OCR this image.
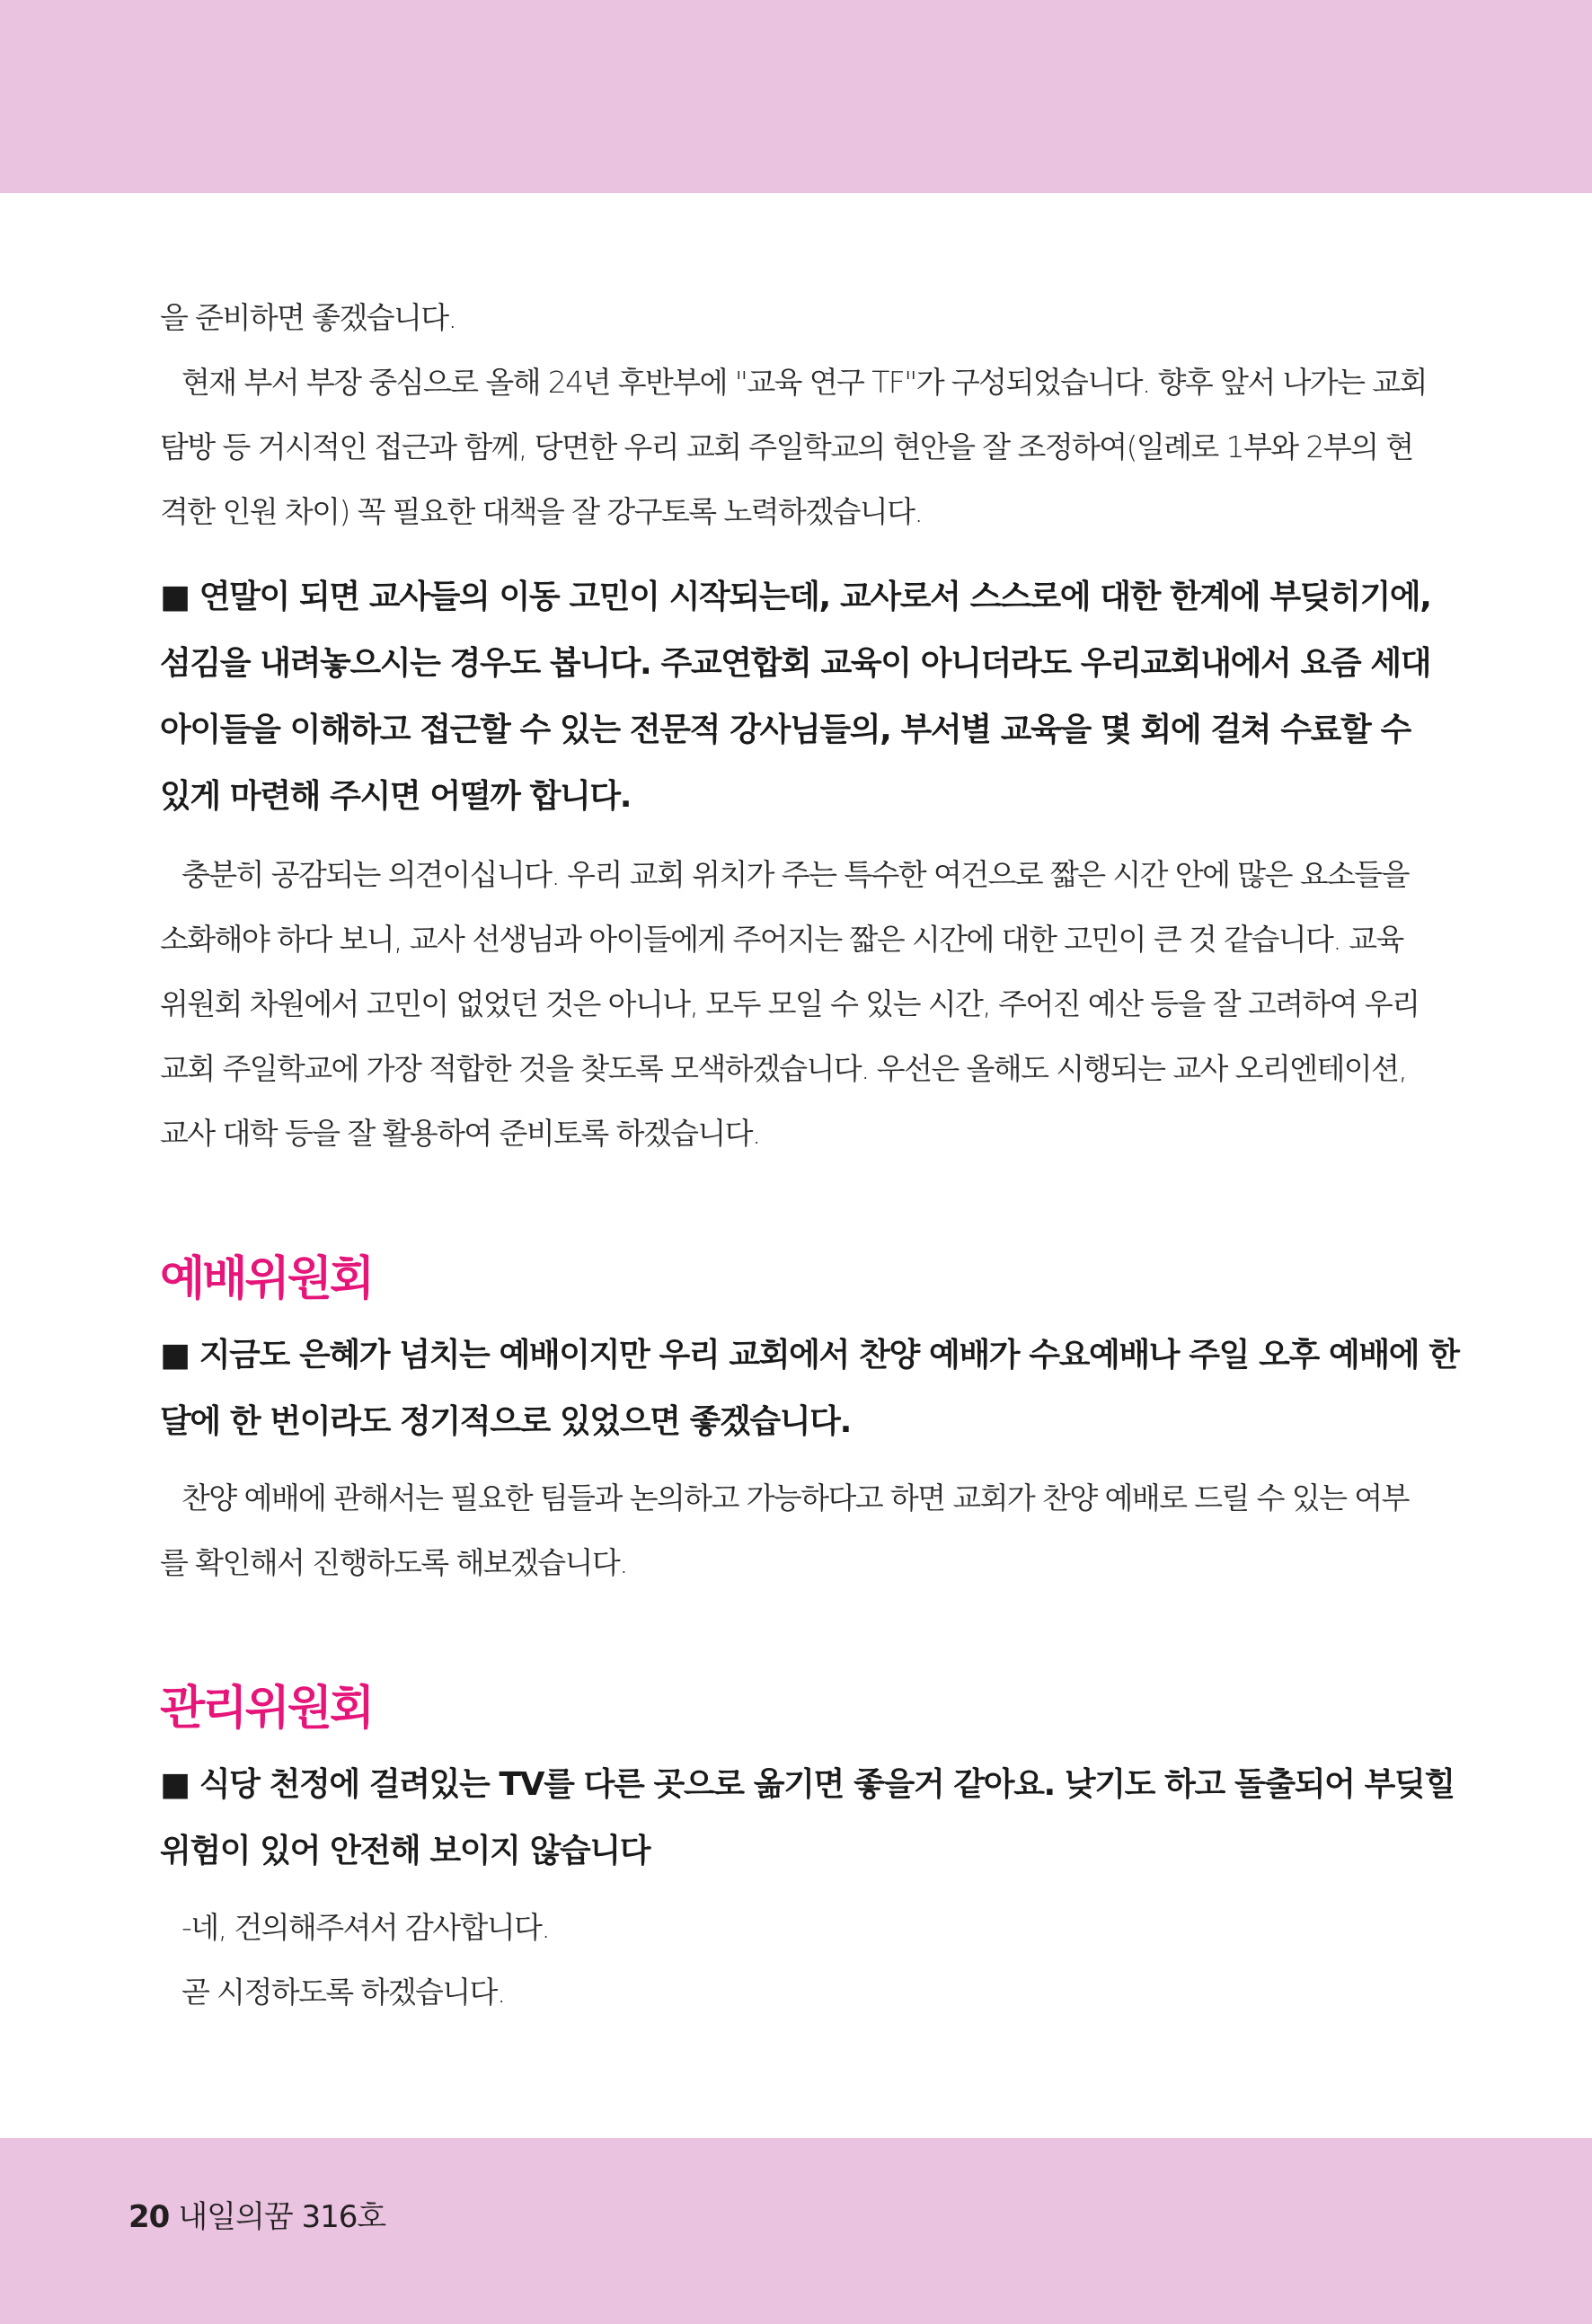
을 준비하면 좋겠습니다.
현재 부서 부장 중심으로 올해 24년 후반부에 "교육 연구 TF"가 구성되었습니다. 향후 앞서 나가는 교회
탐방 등 거시적인 접근과 함께, 당면한 우리 교회 주일학교의 현안을 잘 조정하여(일례로 1부와 2부의 현
격한 인원 차이) 꼭 필요한 대책을 잘 강구토록 노력하겠습니다.
■ 연말이 되면 교사들의 이동 고민이 시작되는데, 교사로서 스스로에 대한 한계에 부딪히기에,
섬김을 내려놓으시는 경우도 봅니다. 주교연합회 교육이 아니더라도 우리교회내에서 요즘 세대
아이들을 이해하고 접근할 수 있는 전문적 강사님들의, 부서별 교육을 몇 회에 걸쳐 수료할 수
있게 마련해 주시면 어떨까 합니다.
충분히 공감되는 의견이십니다. 우리 교회 위치가 주는 특수한 여건으로 짧은 시간 안에 많은 요소들을
소화해야 하다 보니, 교사 선생님과 아이들에게 주어지는 짧은 시간에 대한 고민이 큰 것 같습니다. 교육
위원회 차원에서 고민이 없었던 것은 아니나, 모두 모일 수 있는 시간, 주어진 예산 등을 잘 고려하여 우리
교회 주일학교에 가장 적합한 것을 찾도록 모색하겠습니다. 우선은 올해도 시행되는 교사 오리엔테이션,
교사 대학 등을 잘 활용하여 준비토록 하겠습니다.
예배위원회
■ 지금도 은혜가 넘치는 예배이지만 우리 교회에서 찬양 예배가 수요예배나 주일 오후 예배에 한
달에 한 번이라도 정기적으로 있었으면 좋겠습니다.
찬양 예배에 관해서는 필요한 팀들과 논의하고 가능하다고 하면 교회가 찬양 예배로 드릴 수 있는 여부
를 확인해서 진행하도록 해보겠습니다.
관리위원회
■ 식당 천정에 걸려있는 TV를 다른 곳으로 옮기면 좋을거 같아요. 낮기도 하고 돌출되어 부딪힐
위험이 있어 안전해 보이지 않습니다
-네, 건의해주셔서 감사합니다.
곧 시정하도록 하겠습니다.
20 내일의꿈 316호
